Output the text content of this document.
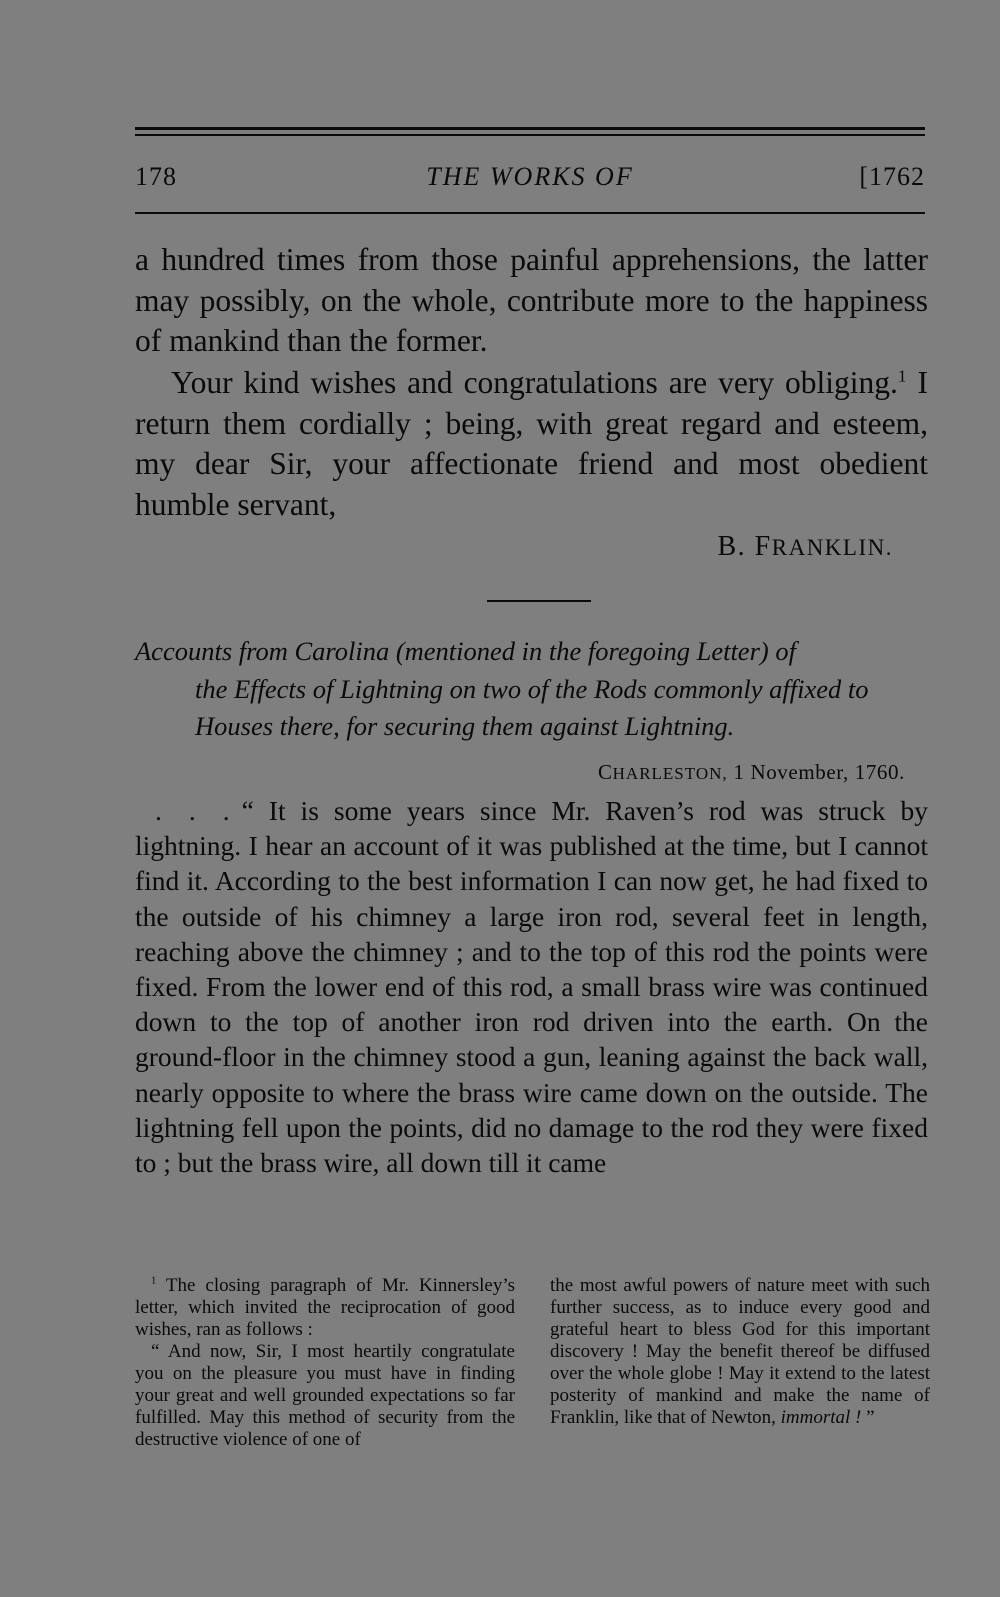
178	THE WORKS OF	[1762

a hundred times from those painful apprehensions, the latter may possibly, on the whole, contribute more to the happiness of mankind than the former.

Your kind wishes and congratulations are very obliging.$^1$ I return them cordially ; being, with great regard and esteem, my dear Sir, your affectionate friend and most obedient humble servant,

B. FRANKLIN.

Accounts from Carolina (mentioned in the foregoing Letter) of
the Effects of Lightning on two of the Rods commonly affixed to Houses there, for securing them against Lightning.

CHARLESTON, 1 November, 1760.

. . . “ It is some years since Mr. Raven’s rod was struck by lightning. I hear an account of it was published at the time, but I cannot find it. According to the best information I can now get, he had fixed to the outside of his chimney a large iron rod, several feet in length, reaching above the chimney ; and to the top of this rod the points were fixed. From the lower end of this rod, a small brass wire was continued down to the top of another iron rod driven into the earth. On the ground-floor in the chimney stood a gun, leaning against the back wall, nearly opposite to where the brass wire came down on the outside. The lightning fell upon the points, did no damage to the rod they were fixed to ; but the brass wire, all down till it came

$^1$ The closing paragraph of Mr. Kinnersley’s letter, which invited the reciprocation of good wishes, ran as follows :

“ And now, Sir, I most heartily congratulate you on the pleasure you must have in finding your great and well grounded expectations so far fulfilled. May this method of security from the destructive violence of one of

the most awful powers of nature meet with such further success, as to induce every good and grateful heart to bless God for this important discovery ! May the benefit thereof be diffused over the whole globe ! May it extend to the latest posterity of mankind and make the name of Franklin, like that of Newton, immortal ! ”
